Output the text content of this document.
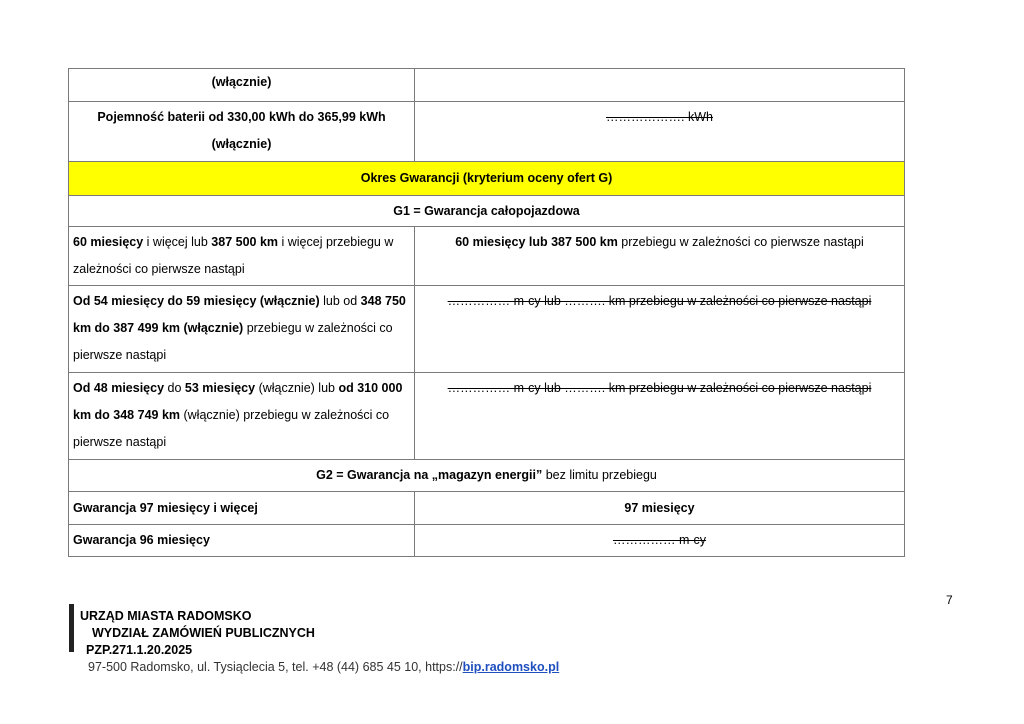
(włącznie)	

Pojemność baterii od 330,00 kWh do 365,99 kWh
(włącznie)	………………. kWh
Okres Gwarancji (kryterium oceny ofert G)	
G1 = Gwarancja całopojazdowa	
60 miesięcy i więcej lub 387 500 km i więcej przebiegu w zależności co pierwsze nastąpi	60 miesięcy lub 387 500 km przebiegu w zależności co pierwsze nastąpi
Od 54 miesięcy do 59 miesięcy (włącznie) lub od 348 750 km do 387 499 km (włącznie) przebiegu w zależności co pierwsze nastąpi	…………… m-cy lub ………. km przebiegu w zależności co pierwsze nastąpi
Od 48 miesięcy do 53 miesięcy (włącznie) lub od 310 000 km do 348 749 km (włącznie) przebiegu w zależności co pierwsze nastąpi	…………… m-cy lub ………. km przebiegu w zależności co pierwsze nastąpi
G2 = Gwarancja na „magazyn energii” bez limitu przebiegu	
Gwarancja 97 miesięcy i więcej	97 miesięcy
Gwarancja 96 miesięcy	…………… m-cy
7
URZĄD MIASTA RADOMSKO
WYDZIAŁ ZAMÓWIEŃ PUBLICZNYCH
PZP.271.1.20.2025
97-500 Radomsko, ul. Tysiąclecia 5, tel. +48 (44) 685 45 10, https://bip.radomsko.pl
